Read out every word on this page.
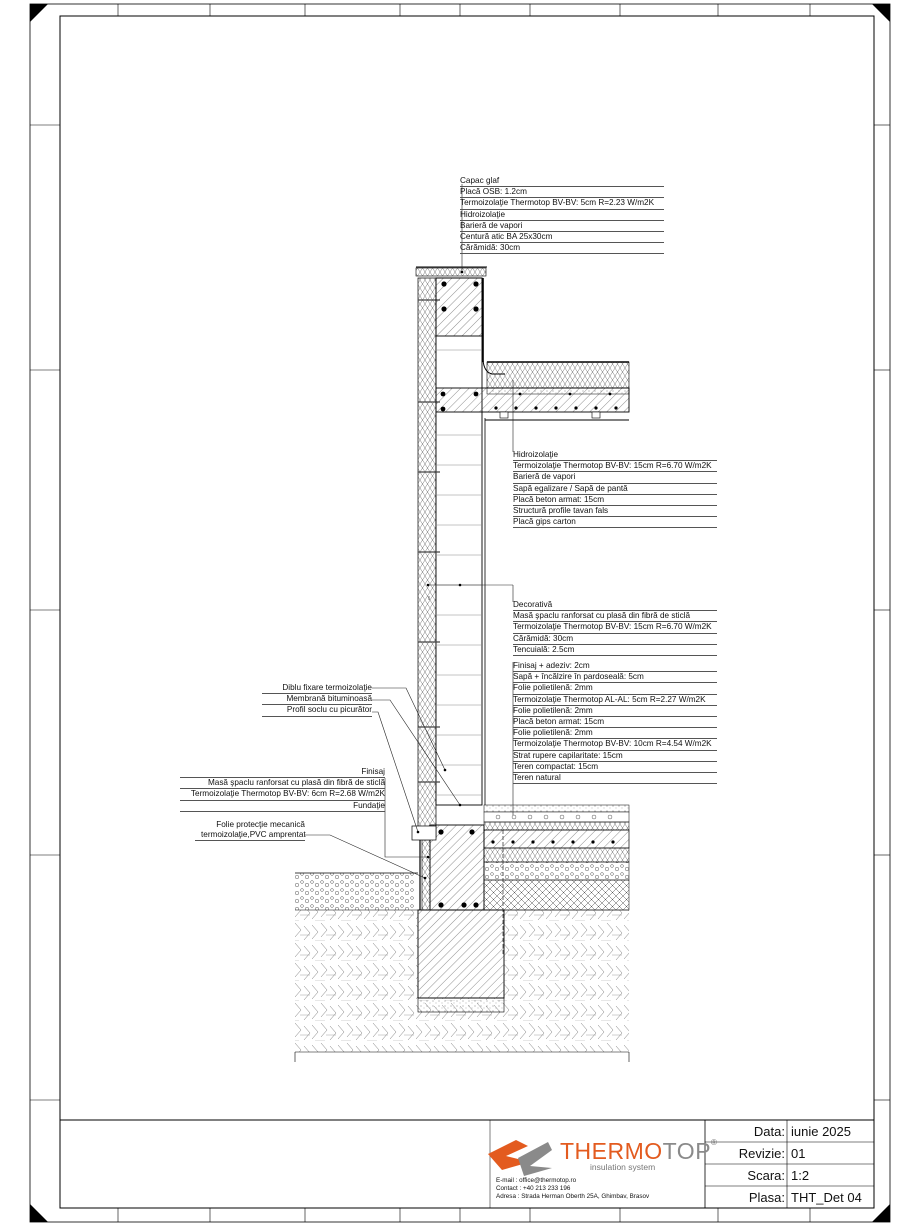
Capac glaf
Placă OSB: 1.2cm
Termoizolaţie Thermotop BV-BV: 5cm R=2.23 W/m2K
Hidroizolaţie
Barieră de vapori
Centură atic BA 25x30cm
Cărămidă: 30cm
Hidroizolaţie
Termoizolaţie Thermotop BV-BV: 15cm R=6.70 W/m2K
Barieră de vapori
Sapă egalizare / Sapă de pantă
Placă beton armat: 15cm
Structură profile tavan fals
Placă gips carton
Decorativă
Masă şpaclu ranforsat cu plasă din fibră de sticlă
Termoizolaţie Thermotop BV-BV: 15cm R=6.70 W/m2K
Cărămidă: 30cm
Tencuială: 2.5cm
Finisaj + adeziv: 2cm
Sapă + încălzire în pardoseală: 5cm
Folie polietilenă: 2mm
Termoizolaţie Thermotop AL-AL: 5cm R=2.27 W/m2K
Folie polietilenă: 2mm
Placă beton armat: 15cm
Folie polietilenă: 2mm
Termoizolaţie Thermotop BV-BV: 10cm R=4.54 W/m2K
Strat rupere capilaritate: 15cm
Teren compactat: 15cm
Teren natural
Diblu fixare termoizolaţie
Membrană bituminoasă
Profil soclu cu picurător
Finisaj
Masă şpaclu ranforsat cu plasă din fibră de sticlă
Termoizolaţie Thermotop BV-BV: 6cm R=2.68 W/m2K
Fundaţie
Folie protecţie mecanică
termoizolaţie,PVC amprentat
Data: iunie 2025
Revizie: 01
Scara: 1:2
Plasa: THT_Det 04
THERMOTOP®
insulation system
E-mail : office@thermotop.ro
Contact : +40 213 233 196
Adresa : Strada Herman Oberth 25A, Ghimbav, Brasov
